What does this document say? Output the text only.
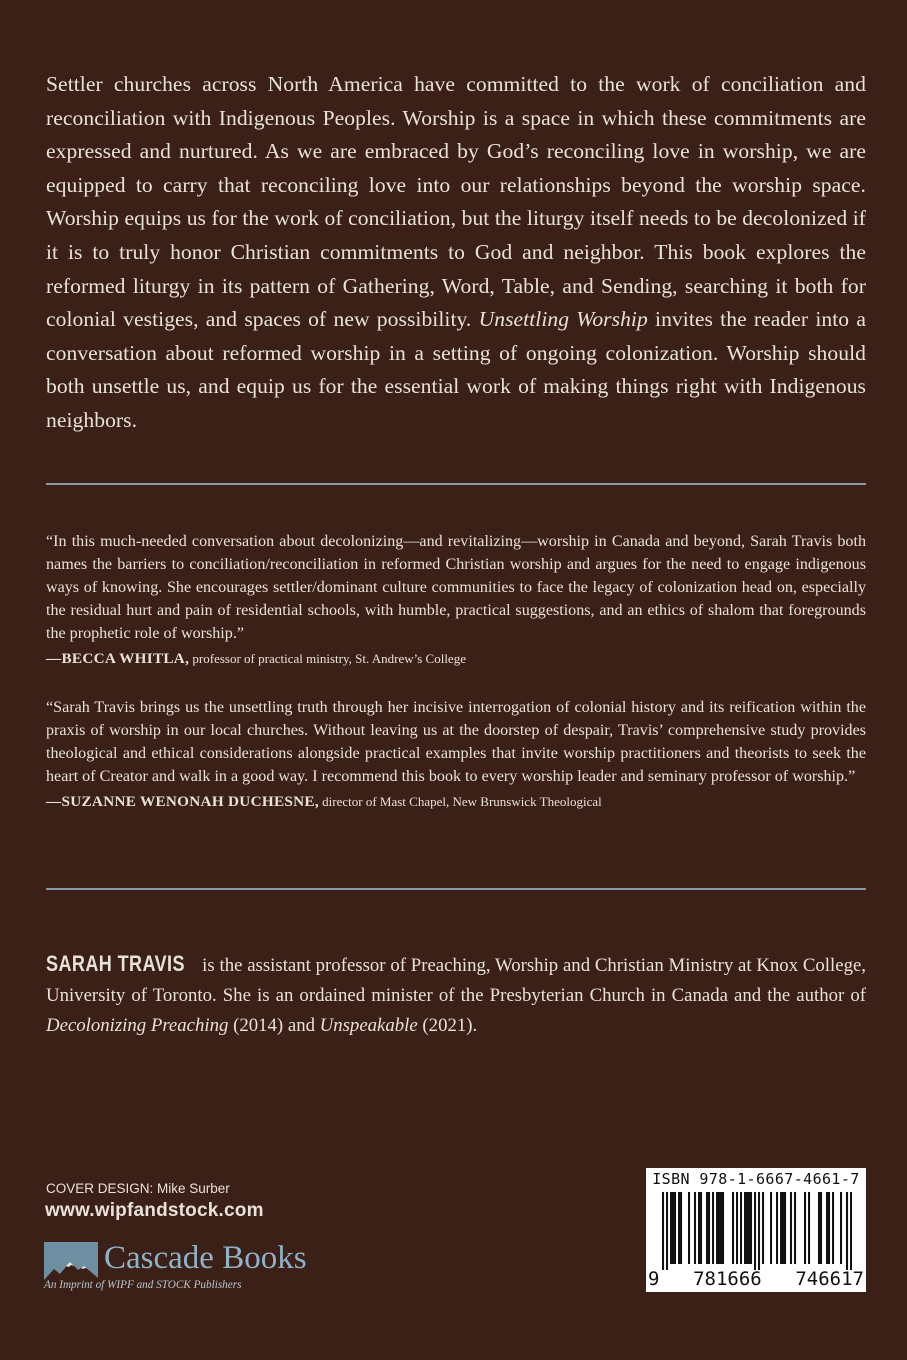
Settler churches across North America have committed to the work of conciliation and reconciliation with Indigenous Peoples. Worship is a space in which these commitments are expressed and nurtured. As we are embraced by God’s reconciling love in worship, we are equipped to carry that reconciling love into our relationships beyond the worship space. Worship equips us for the work of conciliation, but the liturgy itself needs to be decolonized if it is to truly honor Christian commitments to God and neighbor. This book explores the reformed liturgy in its pattern of Gathering, Word, Table, and Sending, searching it both for colonial vestiges, and spaces of new possibility. Unsettling Worship invites the reader into a conversation about reformed worship in a setting of ongoing colonization. Worship should both unsettle us, and equip us for the essential work of making things right with Indigenous neighbors.

“In this much-needed conversation about decolonizing—and revitalizing—worship in Canada and beyond, Sarah Travis both names the barriers to conciliation/reconciliation in reformed Christian worship and argues for the need to engage indigenous ways of knowing. She encourages settler/dominant culture communities to face the legacy of colonization head on, especially the residual hurt and pain of residential schools, with humble, practical suggestions, and an ethics of shalom that foregrounds the prophetic role of worship.”
—BECCA WHITLA, professor of practical ministry, St. Andrew’s College
“Sarah Travis brings us the unsettling truth through her incisive interrogation of colonial history and its reification within the praxis of worship in our local churches. Without leaving us at the doorstep of despair, Travis’ comprehensive study provides theological and ethical considerations alongside practical examples that invite worship practitioners and theorists to seek the heart of Creator and walk in a good way. I recommend this book to every worship leader and seminary professor of worship.”
—SUZANNE WENONAH DUCHESNE, director of Mast Chapel, New Brunswick Theological

SARAH TRAVIS is the assistant professor of Preaching, Worship and Christian Ministry at Knox College, University of Toronto. She is an ordained minister of the Presbyterian Church in Canada and the author of Decolonizing Preaching (2014) and Unspeakable (2021).

COVER DESIGN: Mike Surber
www.wipfandstock.com
Cascade Books
An Imprint of WIPF and STOCK Publishers
ISBN 978-1-6667-4661-7
9 781666 746617
